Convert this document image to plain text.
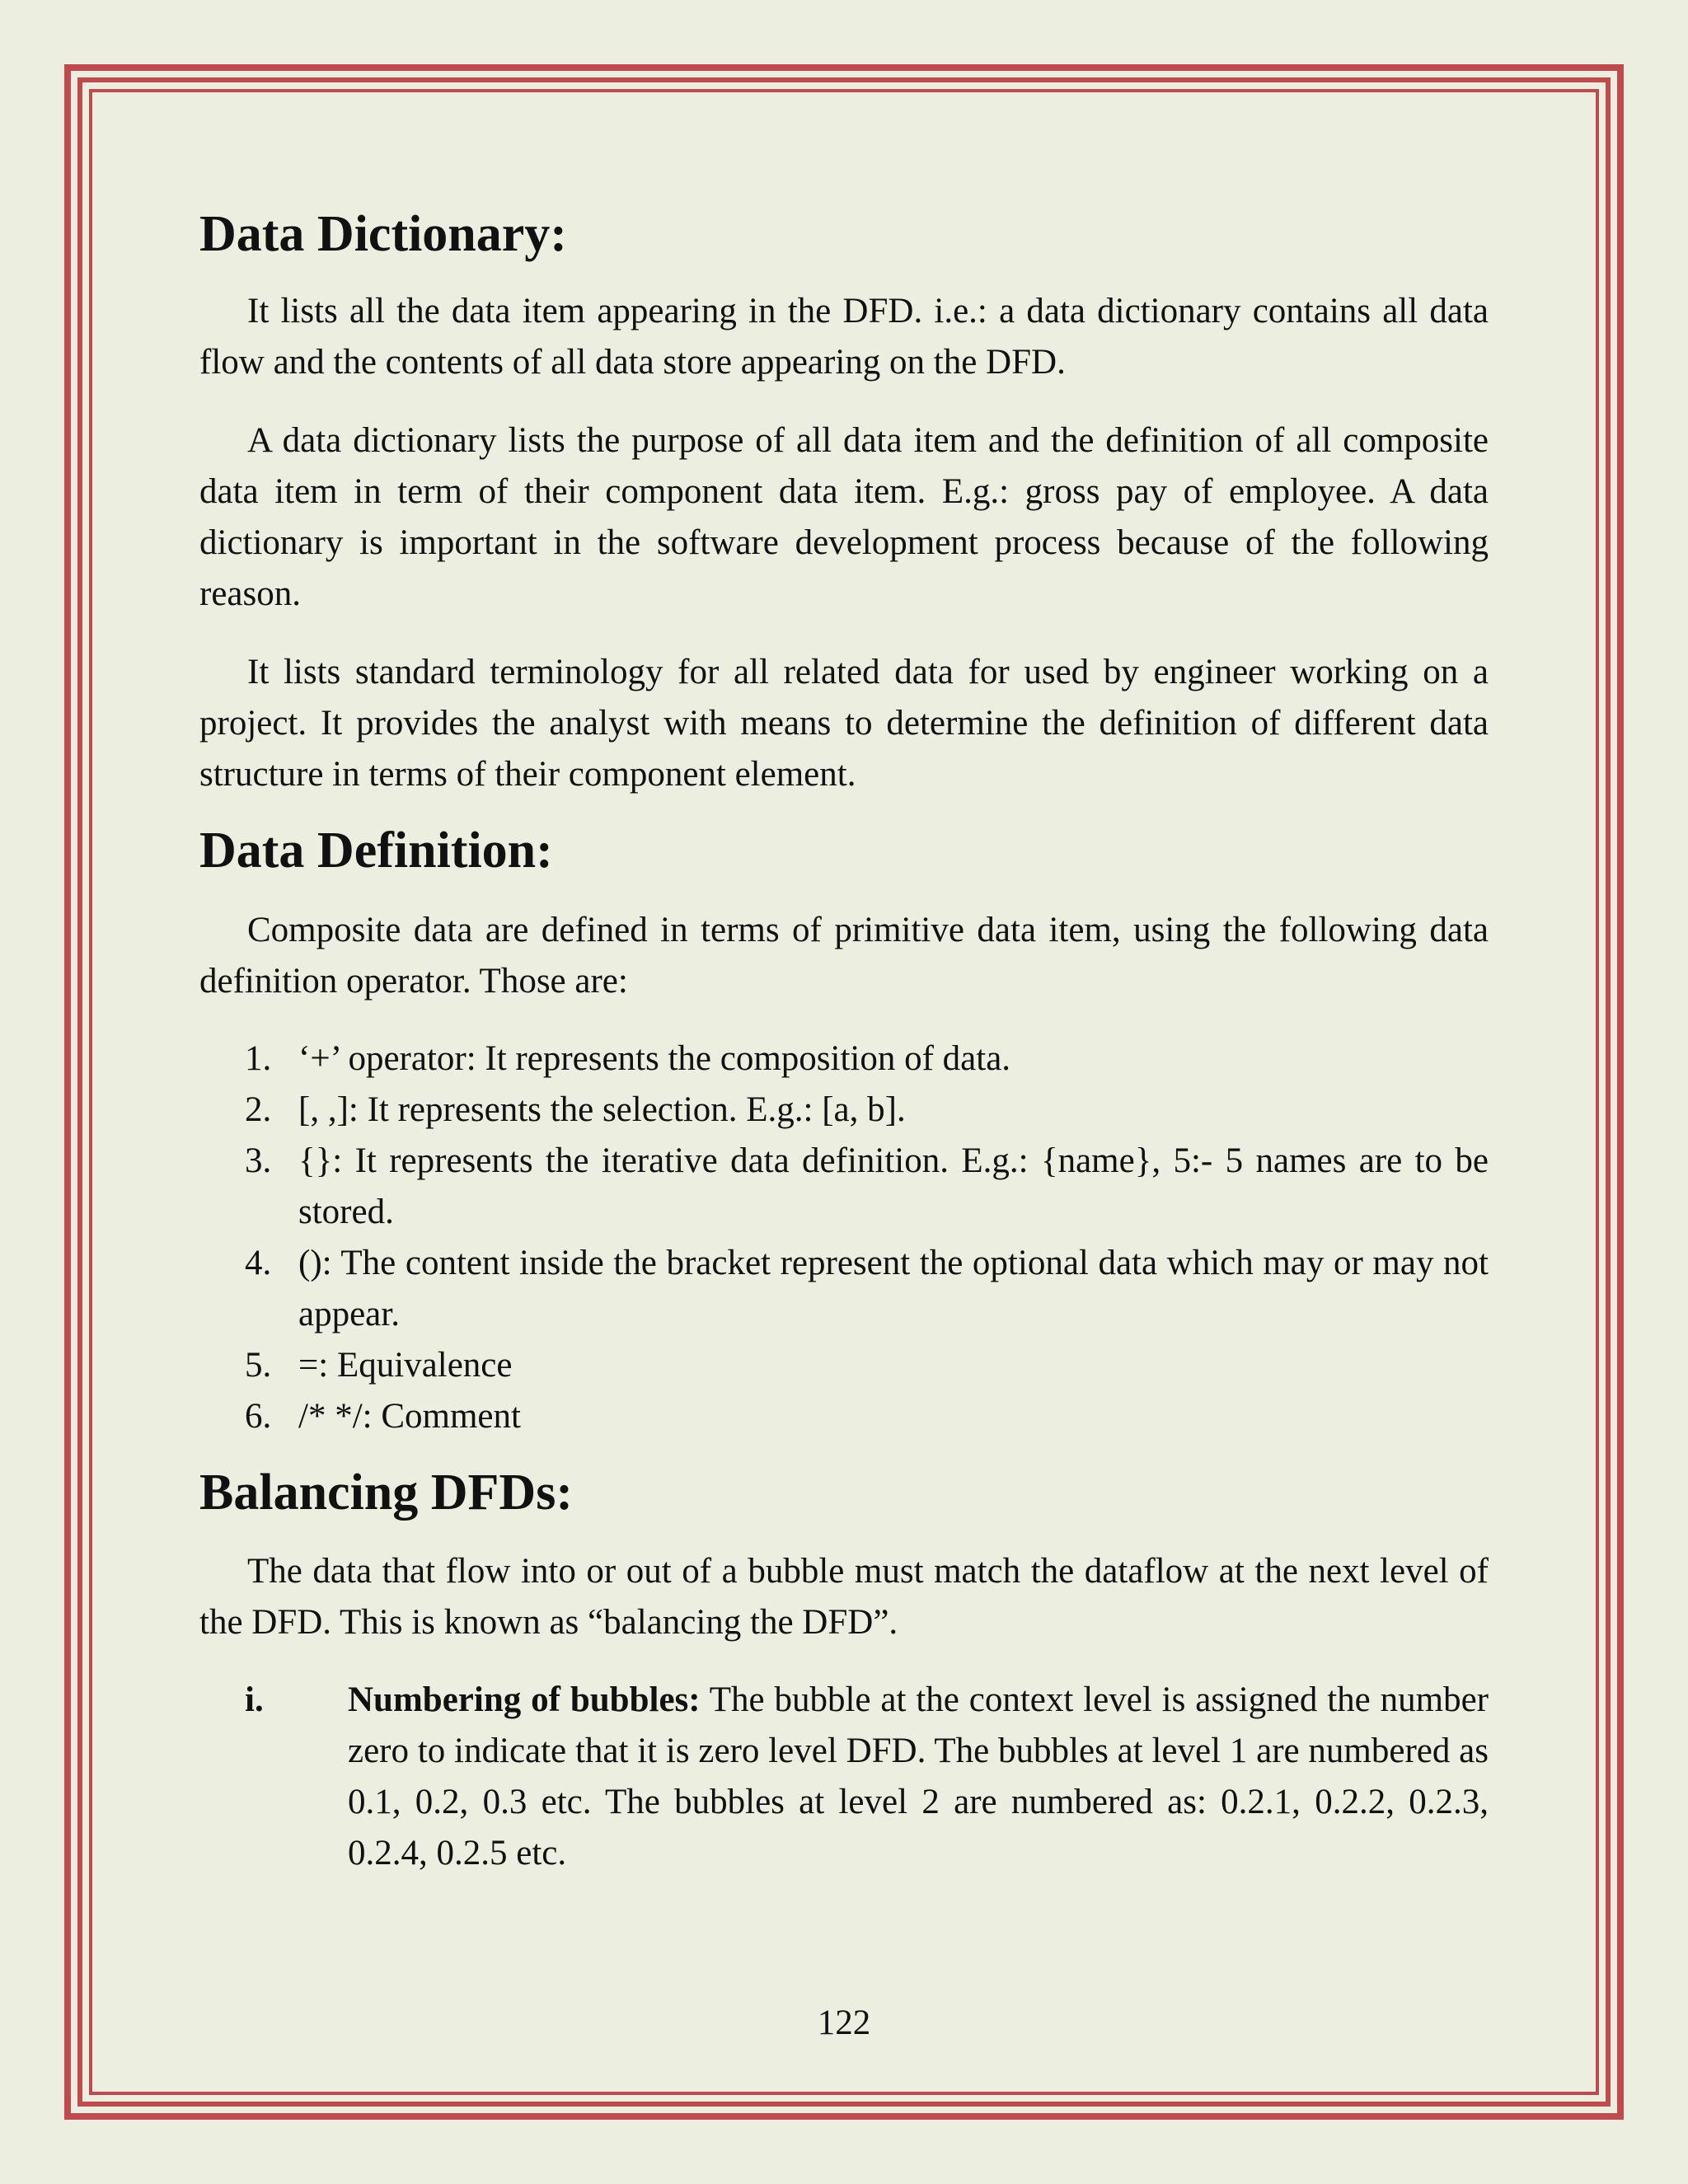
Data Dictionary:

It lists all the data item appearing in the DFD. i.e.: a data dictionary contains all data flow and the contents of all data store appearing on the DFD.

A data dictionary lists the purpose of all data item and the definition of all composite data item in term of their component data item. E.g.: gross pay of employee. A data dictionary is important in the software development process because of the following reason.

It lists standard terminology for all related data for used by engineer working on a project. It provides the analyst with means to determine the definition of different data structure in terms of their component element.

Data Definition:

Composite data are defined in terms of primitive data item, using the following data definition operator. Those are:

1. ‘+’ operator: It represents the composition of data.
2. [, ,]: It represents the selection. E.g.: [a, b].
3. {}: It represents the iterative data definition. E.g.: {name}, 5:- 5 names are to be stored.
4. (): The content inside the bracket represent the optional data which may or may not appear.
5. =: Equivalence
6. /* */: Comment
Balancing DFDs:

The data that flow into or out of a bubble must match the dataflow at the next level of the DFD. This is known as “balancing the DFD”.

i. Numbering of bubbles: The bubble at the context level is assigned the number zero to indicate that it is zero level DFD. The bubbles at level 1 are numbered as 0.1, 0.2, 0.3 etc. The bubbles at level 2 are numbered as: 0.2.1, 0.2.2, 0.2.3, 0.2.4, 0.2.5 etc.
122
